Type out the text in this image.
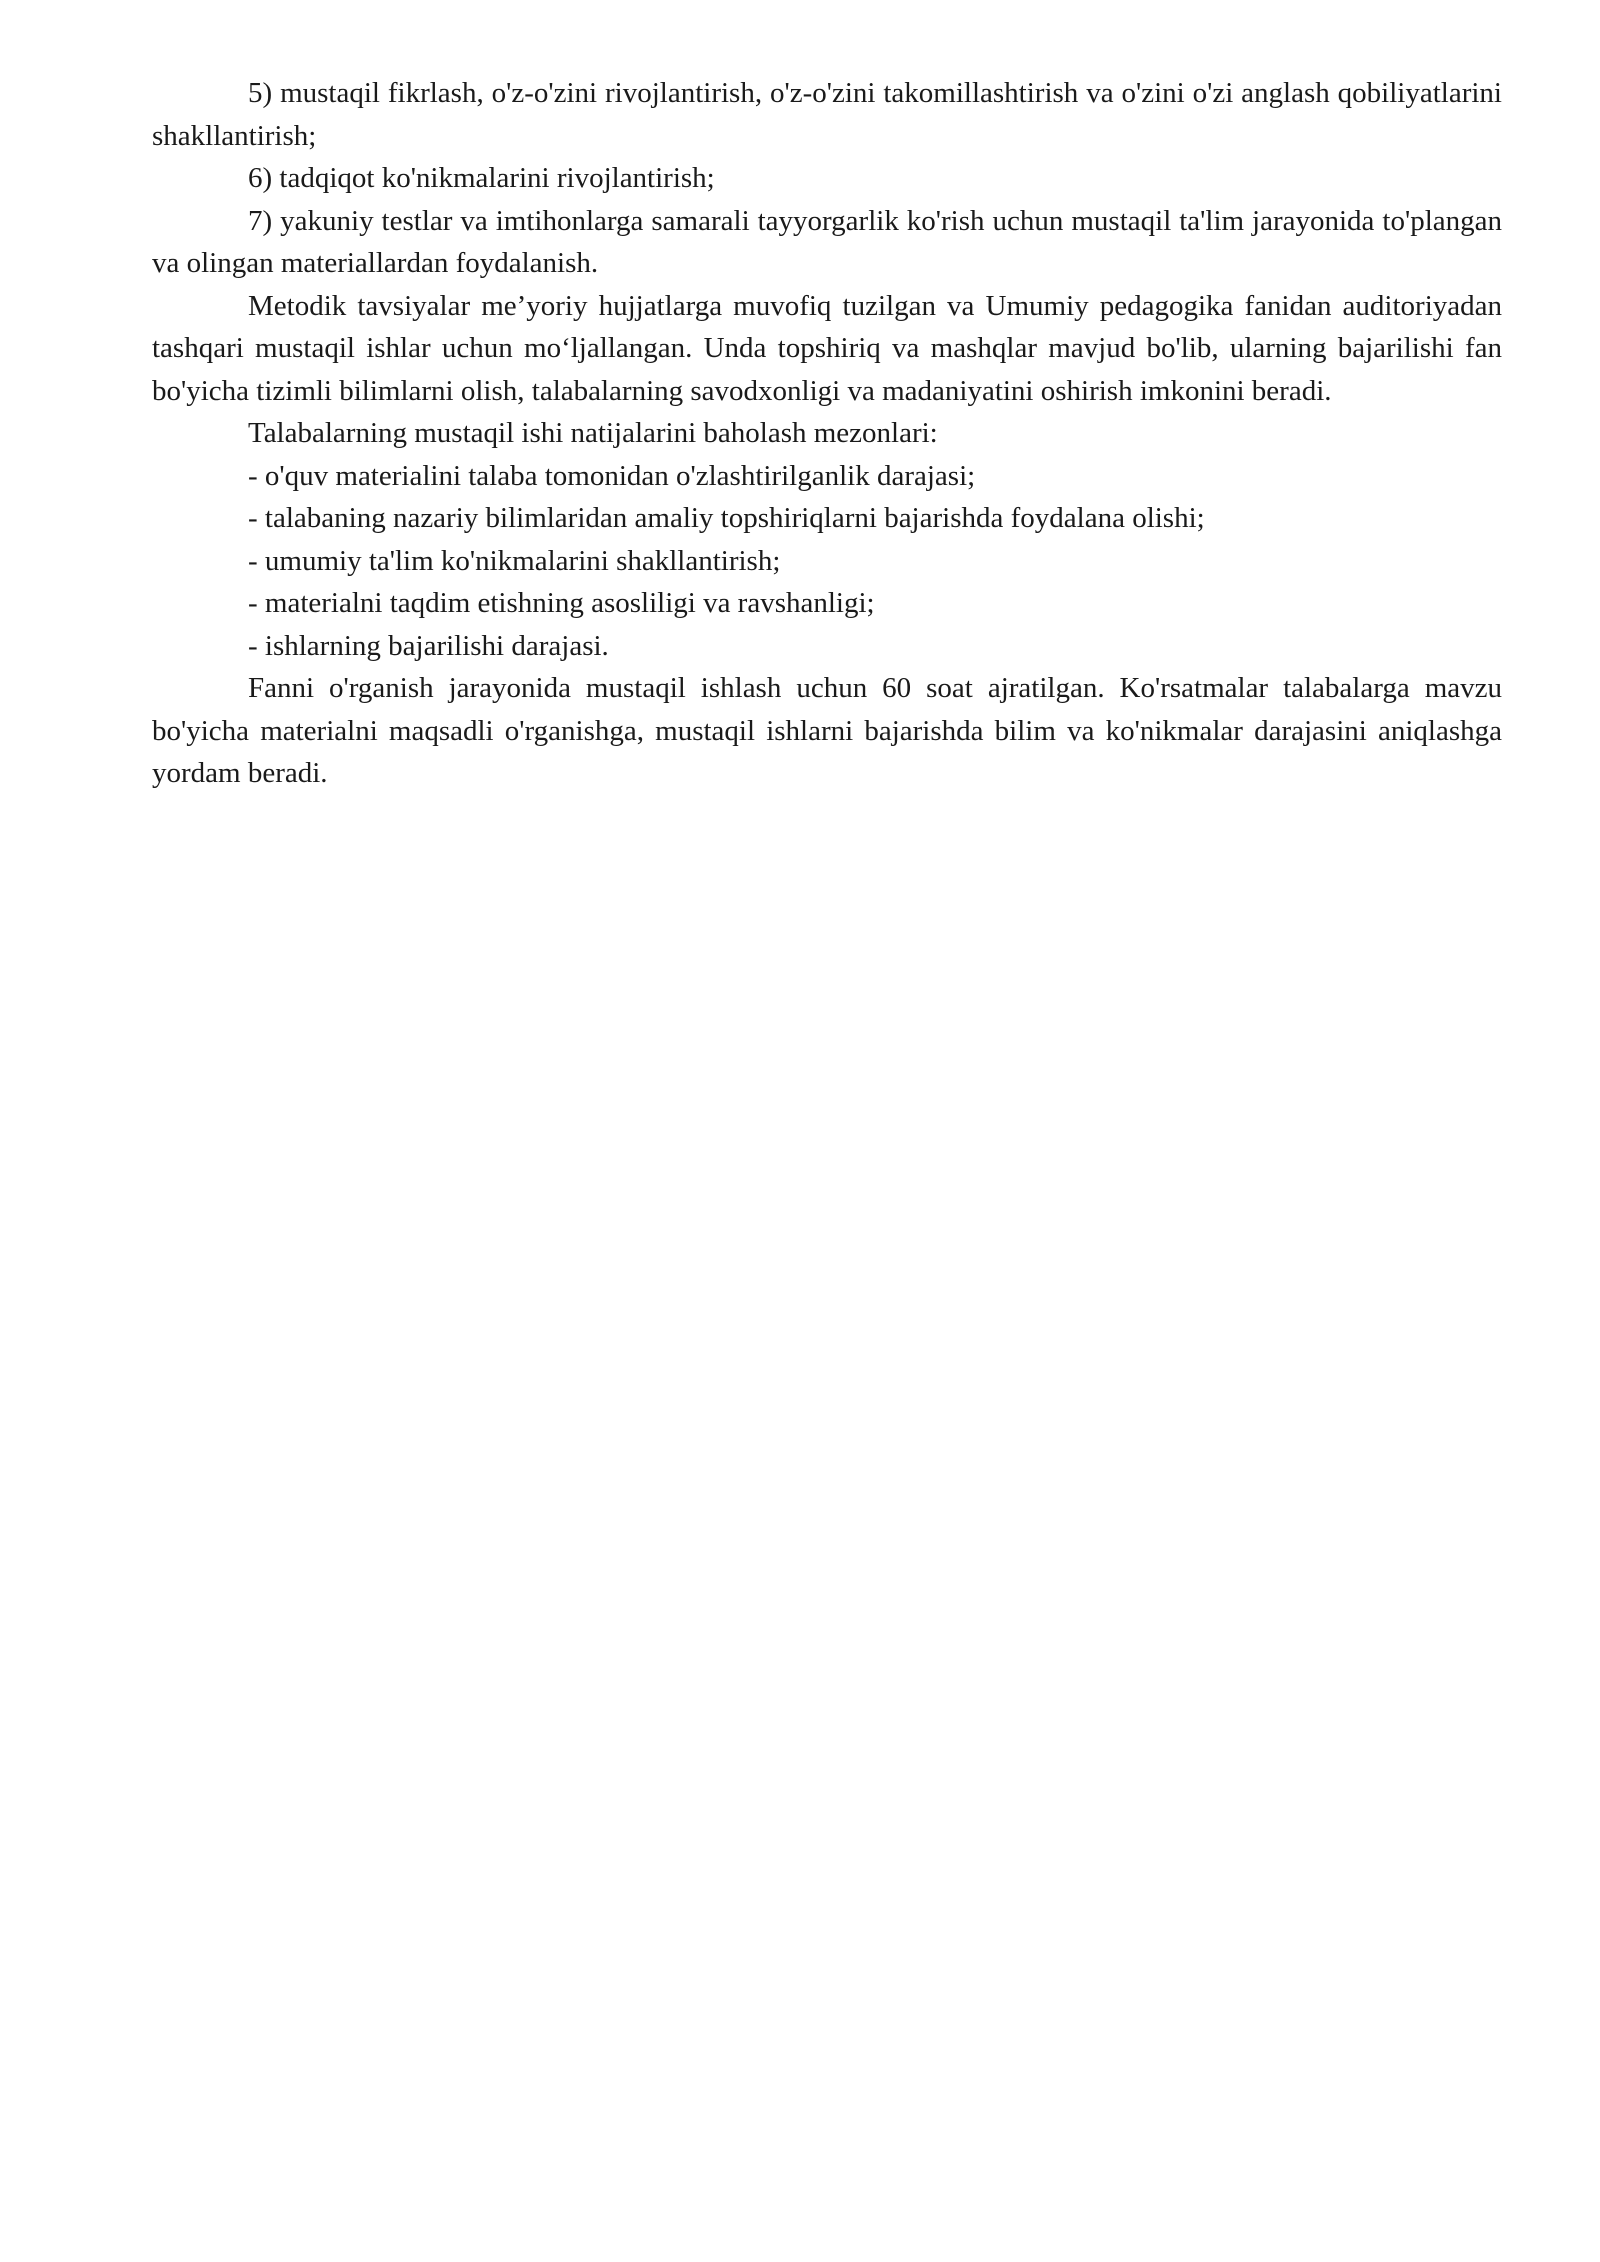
5) mustaqil fikrlash, o'z-o'zini rivojlantirish, o'z-o'zini takomillashtirish va o'zini o'zi anglash qobiliyatlarini shakllantirish;

6) tadqiqot ko'nikmalarini rivojlantirish;

7) yakuniy testlar va imtihonlarga samarali tayyorgarlik ko'rish uchun mustaqil ta'lim jarayonida to'plangan va olingan materiallardan foydalanish.

Metodik tavsiyalar me’yoriy hujjatlarga muvofiq tuzilgan va Umumiy pedagogika fanidan auditoriyadan tashqari mustaqil ishlar uchun mo‘ljallangan. Unda topshiriq va mashqlar mavjud bo'lib, ularning bajarilishi fan bo'yicha tizimli bilimlarni olish, talabalarning savodxonligi va madaniyatini oshirish imkonini beradi.

Talabalarning mustaqil ishi natijalarini baholash mezonlari:

- o'quv materialini talaba tomonidan o'zlashtirilganlik darajasi;

- talabaning nazariy bilimlaridan amaliy topshiriqlarni bajarishda foydalana olishi;

- umumiy ta'lim ko'nikmalarini shakllantirish;

- materialni taqdim etishning asosliligi va ravshanligi;

- ishlarning bajarilishi darajasi.

Fanni o'rganish jarayonida mustaqil ishlash uchun 60 soat ajratilgan. Ko'rsatmalar talabalarga mavzu bo'yicha materialni maqsadli o'rganishga, mustaqil ishlarni bajarishda bilim va ko'nikmalar darajasini aniqlashga yordam beradi.
